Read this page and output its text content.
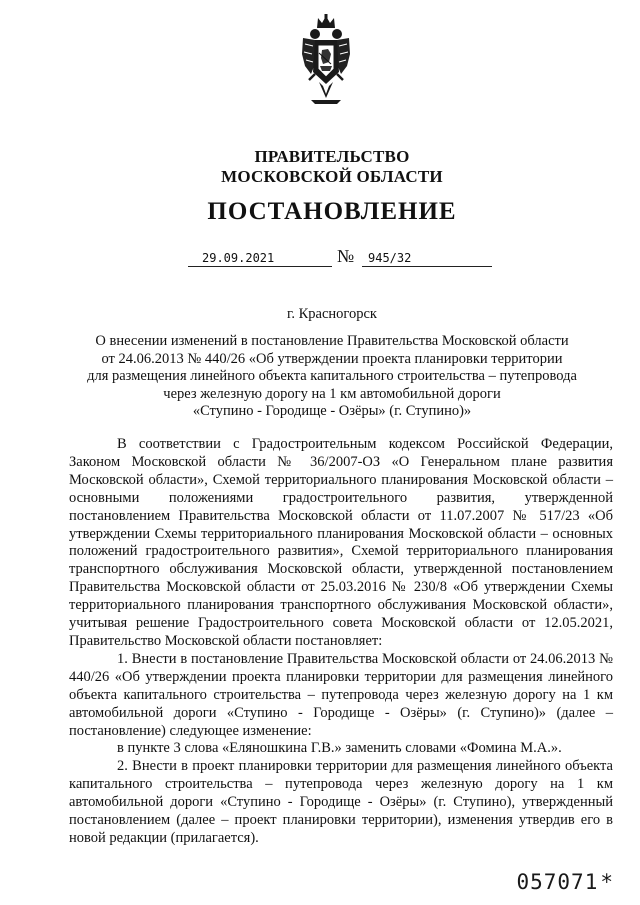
ПРАВИТЕЛЬСТВО
МОСКОВСКОЙ ОБЛАСТИ
ПОСТАНОВЛЕНИЕ
29.09.2021	№	945/32
г. Красногорск
О внесении изменений в постановление Правительства Московской области
от 24.06.2013 № 440/26 «Об утверждении проекта планировки территории
для размещения линейного объекта капитального строительства – путепровода
через железную дорогу на 1 км автомобильной дороги
«Ступино - Городище - Озёры» (г. Ступино)»

В соответствии с Градостроительным кодексом Российской Федерации, Законом Московской области № 36/2007-ОЗ «О Генеральном плане развития Московской области», Схемой территориального планирования Московской области – основными положениями градостроительного развития, утвержденной постановлением Правительства Московской области от 11.07.2007 № 517/23 «Об утверждении Схемы территориального планирования Московской области – основных положений градостроительного развития», Схемой территориального планирования транспортного обслуживания Московской области, утвержденной постановлением Правительства Московской области от 25.03.2016 № 230/8 «Об утверждении Схемы территориального планирования транспортного обслуживания Московской области», учитывая решение Градостроительного совета Московской области от 12.05.2021, Правительство Московской области постановляет:

1. Внести в постановление Правительства Московской области от 24.06.2013 № 440/26 «Об утверждении проекта планировки территории для размещения линейного объекта капитального строительства – путепровода через железную дорогу на 1 км автомобильной дороги «Ступино - Городище - Озёры» (г. Ступино)» (далее – постановление) следующее изменение:

в пункте 3 слова «Еляношкина Г.В.» заменить словами «Фомина М.А.».

2. Внести в проект планировки территории для размещения линейного объекта капитального строительства – путепровода через железную дорогу на 1 км автомобильной дороги «Ступино - Городище - Озёры» (г. Ступино), утвержденный постановлением (далее – проект планировки территории), изменения утвердив его в новой редакции (прилагается).

057071*
